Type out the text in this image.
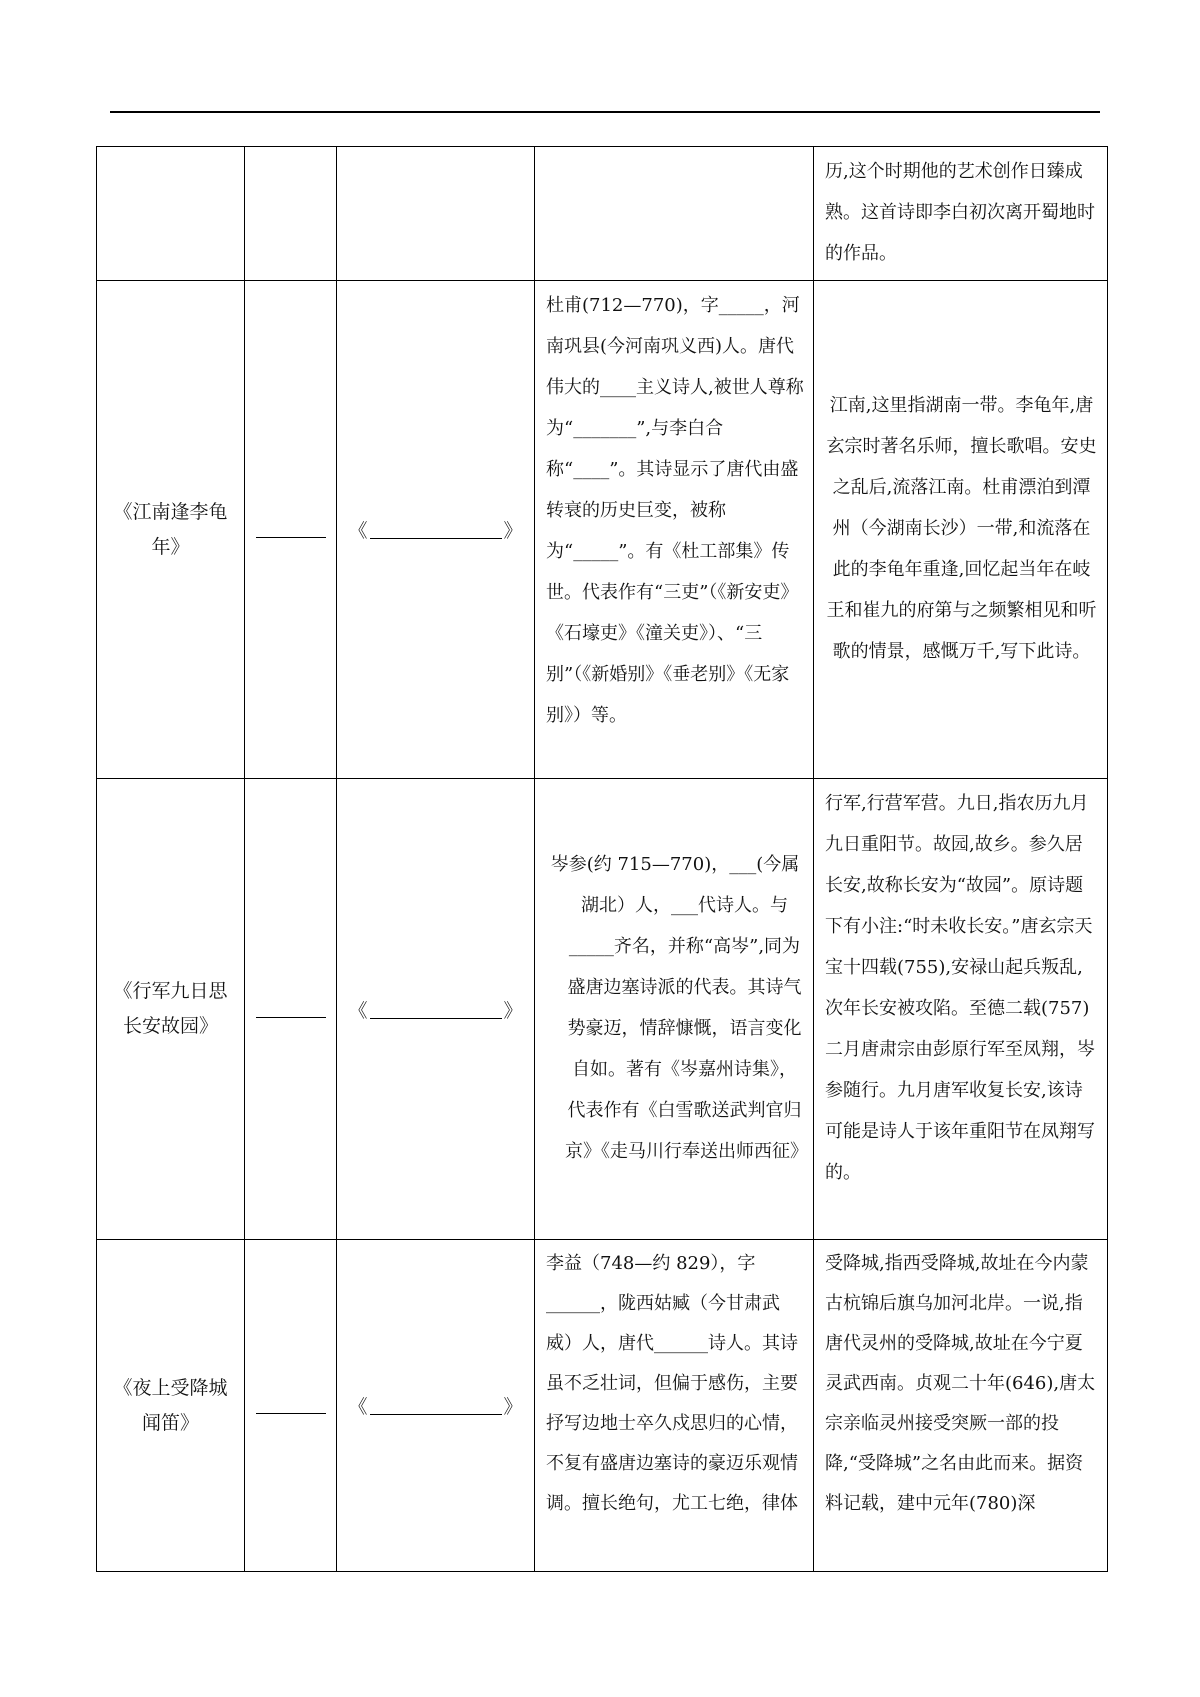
				历,这个时期他的艺术创作日臻成熟。这首诗即李白初次离开蜀地时的作品。

《江南逢李龟年》		《 》	杜甫(712—770)，字_____，河南巩县(今河南巩义西)人。唐代伟大的____主义诗人,被世人尊称为“_______”,与李白合称“____”。其诗显示了唐代由盛转衰的历史巨变，被称为“_____”。有《杜工部集》传世。代表作有“三吏”（《新安吏》《石壕吏》《潼关吏》）、“三别”（《新婚别》《垂老别》《无家别》）等。	江南,这里指湖南一带。李龟年,唐玄宗时著名乐师，擅长歌唱。安史之乱后,流落江南。杜甫漂泊到潭州（今湖南长沙）一带,和流落在此的李龟年重逢,回忆起当年在岐王和崔九的府第与之频繁相见和听歌的情景，感慨万千,写下此诗。

《行军九日思长安故园》		《 》	岑参(约 715—770)，___(今属湖北）人，___代诗人。与_____齐名，并称“高岑”,同为盛唐边塞诗派的代表。其诗气势豪迈，情辞慷慨，语言变化自如。著有《岑嘉州诗集》，代表作有《白雪歌送武判官归京》《走马川行奉送出师西征》	行军,行营军营。九日,指农历九月九日重阳节。故园,故乡。参久居长安,故称长安为“故园”。原诗题下有小注:“时未收长安。”唐玄宗天宝十四载(755),安禄山起兵叛乱,次年长安被攻陷。至德二载(757)二月唐肃宗由彭原行军至凤翔，岑参随行。九月唐军收复长安,该诗可能是诗人于该年重阳节在凤翔写的。

《夜上受降城闻笛》		《 》	李益（748—约 829），字______，陇西姑臧（今甘肃武威）人，唐代______诗人。其诗虽不乏壮词，但偏于感伤，主要抒写边地士卒久戍思归的心情，不复有盛唐边塞诗的豪迈乐观情调。擅长绝句，尤工七绝，律体	受降城,指西受降城,故址在今内蒙古杭锦后旗乌加河北岸。一说,指唐代灵州的受降城,故址在今宁夏灵武西南。贞观二十年(646),唐太宗亲临灵州接受突厥一部的投降,“受降城”之名由此而来。据资料记载，建中元年(780)深
